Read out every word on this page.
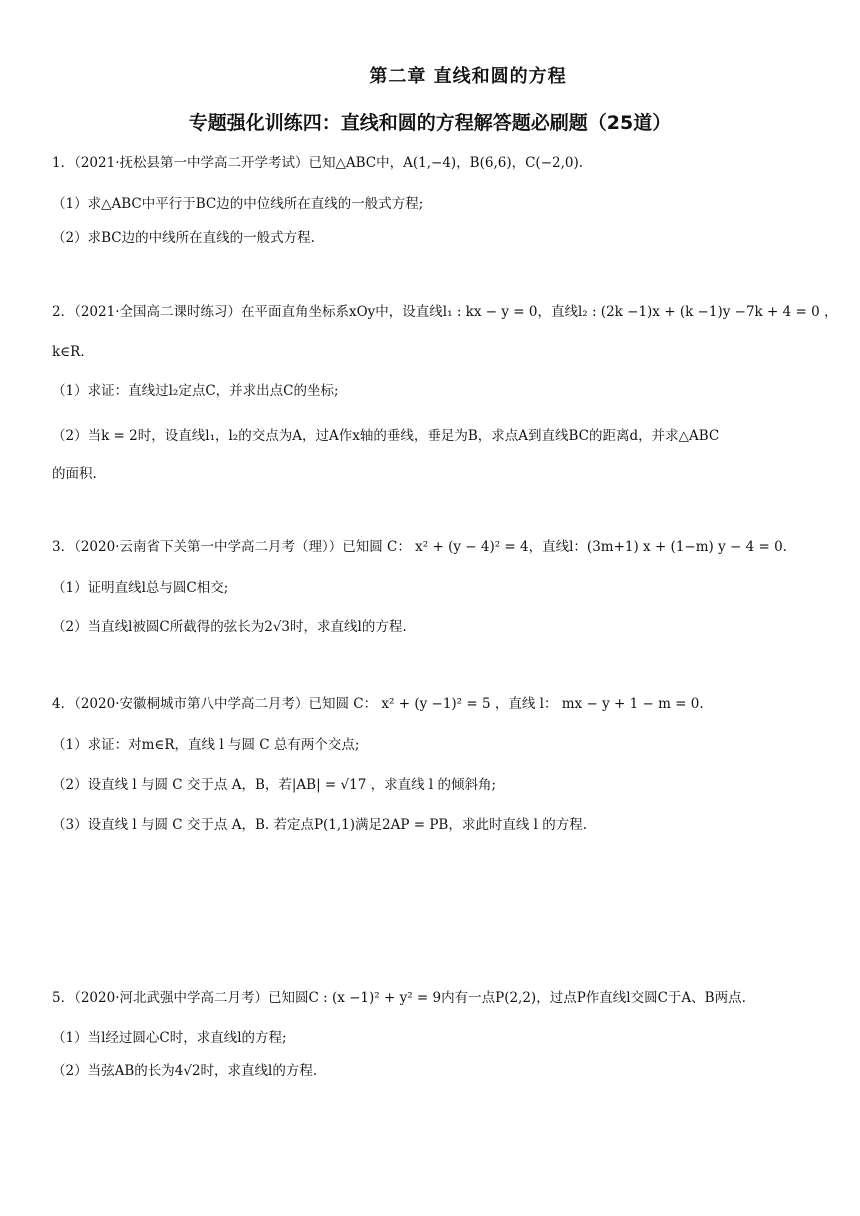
第二章 直线和圆的方程
专题强化训练四：直线和圆的方程解答题必刷题（25道）
1．（2021·抚松县第一中学高二开学考试）已知△ABC中，A(1,−4)，B(6,6)，C(−2,0).
（1）求△ABC中平行于BC边的中位线所在直线的一般式方程;
（2）求BC边的中线所在直线的一般式方程.
2．（2021·全国高二课时练习）在平面直角坐标系xOy中，设直线l₁ : kx − y = 0，直线l₂ : (2k −1)x + (k −1)y −7k + 4 = 0 ，
k∈R.
（1）求证：直线过l₂定点C，并求出点C的坐标;
（2）当k = 2时，设直线l₁，l₂的交点为A，过A作x轴的垂线，垂足为B，求点A到直线BC的距离d，并求△ABC
的面积.
3．（2020·云南省下关第一中学高二月考（理））已知圆 C： x² + (y − 4)² = 4，直线l：(3m+1) x + (1−m) y − 4 = 0.
（1）证明直线l总与圆C相交;
（2）当直线l被圆C所截得的弦长为2√3时，求直线l的方程.
4．（2020·安徽桐城市第八中学高二月考）已知圆 C： x² + (y −1)² = 5 ，直线 l： mx − y + 1 − m = 0.
（1）求证：对m∈R，直线 l 与圆 C 总有两个交点;
（2）设直线 l 与圆 C 交于点 A，B，若|AB| = √17 ，求直线 l 的倾斜角;
（3）设直线 l 与圆 C 交于点 A，B. 若定点P(1,1)满足2AP = PB，求此时直线 l 的方程.
5．（2020·河北武强中学高二月考）已知圆C : (x −1)² + y² = 9内有一点P(2,2)，过点P作直线l交圆C于A、B两点.
（1）当l经过圆心C时，求直线l的方程;
（2）当弦AB的长为4√2时，求直线l的方程.
